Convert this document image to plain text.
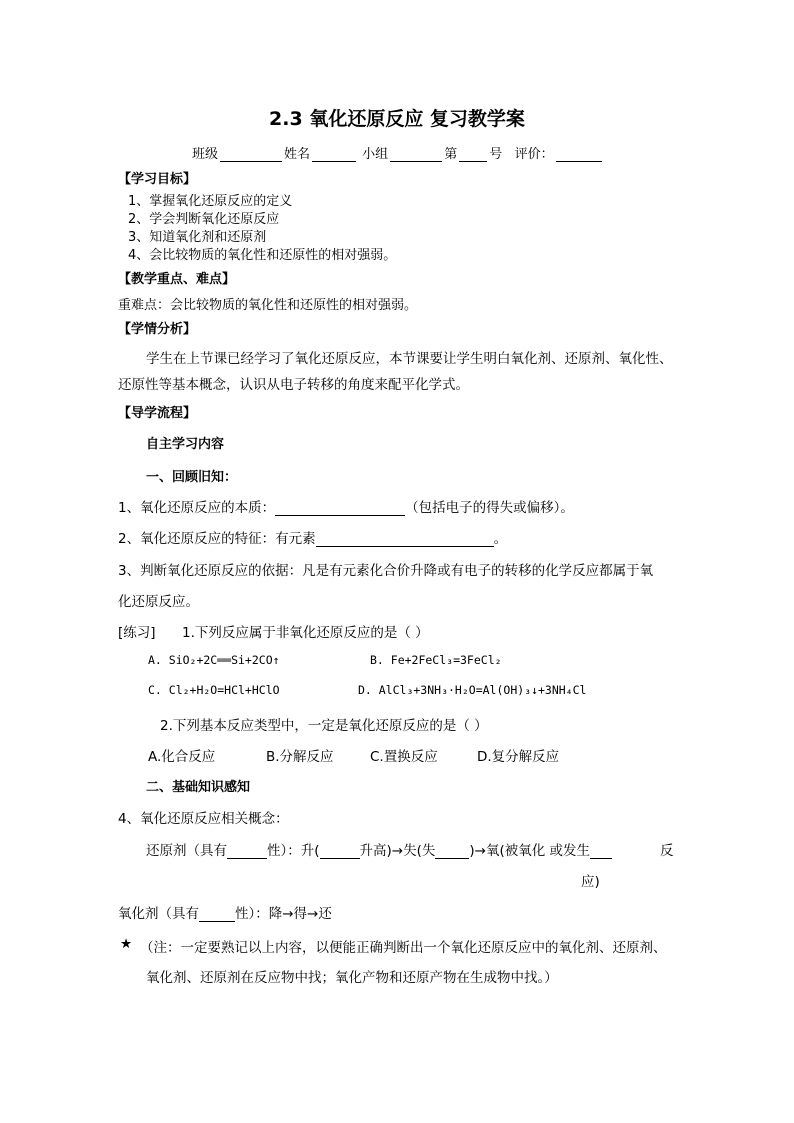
2.3 氧化还原反应 复习教学案
班级	姓名	小组	第 号 评价：
【学习目标】
1、掌握氧化还原反应的定义
2、学会判断氧化还原反应
3、知道氧化剂和还原剂
4、会比较物质的氧化性和还原性的相对强弱。
【教学重点、难点】
重难点：会比较物质的氧化性和还原性的相对强弱。
【学情分析】
学生在上节课已经学习了氧化还原反应，本节课要让学生明白氧化剂、还原剂、氧化性、
还原性等基本概念，认识从电子转移的角度来配平化学式。
【导学流程】
自主学习内容
一、回顾旧知：
1、氧化还原反应的本质：	（包括电子的得失或偏移）。
2、氧化还原反应的特征：有元素	。
3、判断氧化还原反应的依据：凡是有元素化合价升降或有电子的转移的化学反应都属于氧
化还原反应。
[练习] 1.下列反应属于非氧化还原反应的是（ ）
A. SiO₂+2C══Si+2CO↑	B. Fe+2FeCl₃=3FeCl₂
C. Cl₂+H₂O=HCl+HClO	D. AlCl₃+3NH₃·H₂O=Al(OH)₃↓+3NH₄Cl
2.下列基本反应类型中，一定是氧化还原反应的是（ ）
A.化合反应	B.分解反应	C.置换反应	D.复分解反应
二、基础知识感知
4、氧化还原反应相关概念：
还原剂（具有	性）：升(	升高)→失(失	)→氧(被氧化 或发生	反
应)
氧化剂（具有	性）：降→得→还
★ （注：一定要熟记以上内容，以便能正确判断出一个氧化还原反应中的氧化剂、还原剂、
氧化剂、还原剂在反应物中找；氧化产物和还原产物在生成物中找。）
